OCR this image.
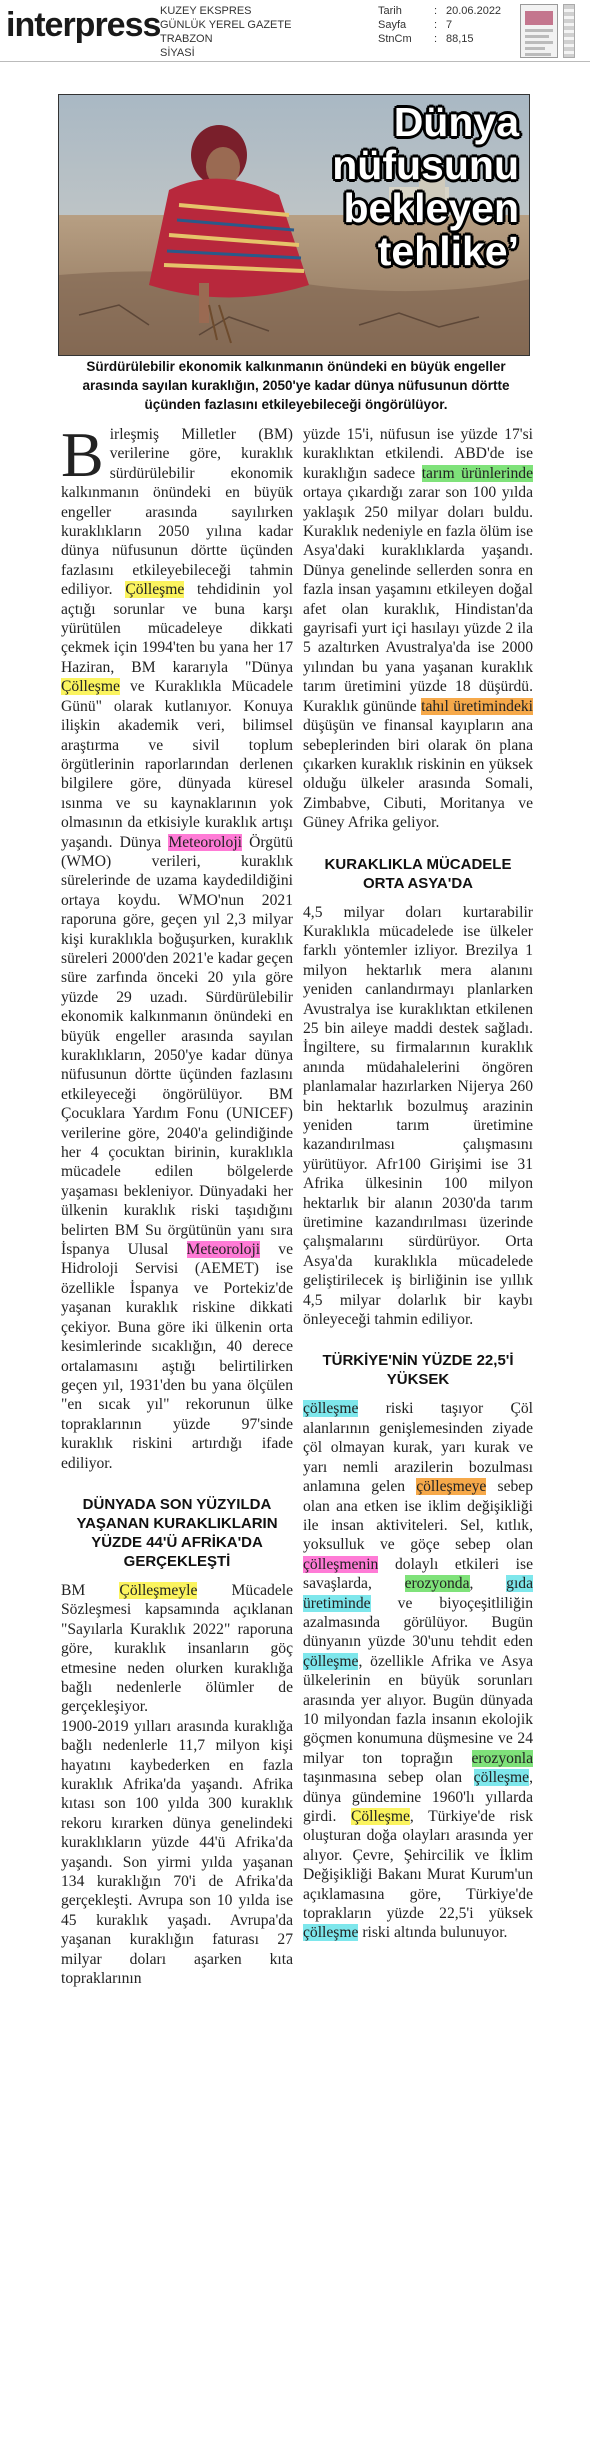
interpress KUZEY EKSPRES
GÜNLÜK YEREL GAZETE
TRABZON
SİYASİ
Tarih	: 20.06.2022
Sayfa	: 7
StnCm	: 88,15
Dünya
nüfusunu
bekleyen
tehlike’
Sürdürülebilir ekonomik kalkınmanın önündeki en büyük engeller arasında sayılan kuraklığın, 2050'ye kadar dünya nüfusunun dörtte üçünden fazlasını etkileyebileceği öngörülüyor.

Birleşmiş Milletler (BM) verilerine göre, kuraklık sürdürülebilir ekonomik kalkınmanın önündeki en büyük engeller arasında sayılırken kuraklıkların 2050 yılına kadar dünya nüfusunun dörtte üçünden fazlasını etkileyebileceği tahmin ediliyor. Çölleşme tehdidinin yol açtığı sorunlar ve buna karşı yürütülen mücadeleye dikkati çekmek için 1994'ten bu yana her 17 Haziran, BM kararıyla "Dünya Çölleşme ve Kuraklıkla Mücadele Günü" olarak kutlanıyor. Konuya ilişkin akademik veri, bilimsel araştırma ve sivil toplum örgütlerinin raporlarından derlenen bilgilere göre, dünyada küresel ısınma ve su kaynaklarının yok olmasının da etkisiyle kuraklık artışı yaşandı. Dünya Meteoroloji Örgütü (WMO) verileri, kuraklık sürelerinde de uzama kaydedildiğini ortaya koydu. WMO'nun 2021 raporuna göre, geçen yıl 2,3 milyar kişi kuraklıkla boğuşurken, kuraklık süreleri 2000'den 2021'e kadar geçen süre zarfında önceki 20 yıla göre yüzde 29 uzadı. Sürdürülebilir ekonomik kalkınmanın önündeki en büyük engeller arasında sayılan kuraklıkların, 2050'ye kadar dünya nüfusunun dörtte üçünden fazlasını etkileyeceği öngörülüyor. BM Çocuklara Yardım Fonu (UNICEF) verilerine göre, 2040'a gelindiğinde her 4 çocuktan birinin, kuraklıkla mücadele edilen bölgelerde yaşaması bekleniyor. Dünyadaki her ülkenin kuraklık riski taşıdığını belirten BM Su örgütünün yanı sıra İspanya Ulusal Meteoroloji ve Hidroloji Servisi (AEMET) ise özellikle İspanya ve Portekiz'de yaşanan kuraklık riskine dikkati çekiyor. Buna göre iki ülkenin orta kesimlerinde sıcaklığın, 40 derece ortalamasını aştığı belirtilirken geçen yıl, 1931'den bu yana ölçülen "en sıcak yıl" rekorunun ülke topraklarının yüzde 97'sinde kuraklık riskini artırdığı ifade ediliyor.

DÜNYADA SON YÜZYILDA YAŞANAN KURAKLIKLARIN YÜZDE 44'Ü AFRİKA'DA GERÇEKLEŞTİ

BM Çölleşmeyle Mücadele Sözleşmesi kapsamında açıklanan "Sayılarla Kuraklık 2022" raporuna göre, kuraklık insanların göç etmesine neden olurken kuraklığa bağlı nedenlerle ölümler de gerçekleşiyor.

1900-2019 yılları arasında kuraklığa bağlı nedenlerle 11,7 milyon kişi hayatını kaybederken en fazla kuraklık Afrika'da yaşandı. Afrika kıtası son 100 yılda 300 kuraklık rekoru kırarken dünya genelindeki kuraklıkların yüzde 44'ü Afrika'da yaşandı. Son yirmi yılda yaşanan 134 kuraklığın 70'i de Afrika'da gerçekleşti. Avrupa son 10 yılda ise 45 kuraklık yaşadı. Avrupa'da yaşanan kuraklığın faturası 27 milyar doları aşarken kıta topraklarının

yüzde 15'i, nüfusun ise yüzde 17'si kuraklıktan etkilendi. ABD'de ise kuraklığın sadece tarım ürünlerinde ortaya çıkardığı zarar son 100 yılda yaklaşık 250 milyar doları buldu. Kuraklık nedeniyle en fazla ölüm ise Asya'daki kuraklıklarda yaşandı. Dünya genelinde sellerden sonra en fazla insan yaşamını etkileyen doğal afet olan kuraklık, Hindistan'da gayrisafi yurt içi hasılayı yüzde 2 ila 5 azaltırken Avustralya'da ise 2000 yılından bu yana yaşanan kuraklık tarım üretimini yüzde 18 düşürdü. Kuraklık gününde tahıl üretimindeki düşüşün ve finansal kayıpların ana sebeplerinden biri olarak ön plana çıkarken kuraklık riskinin en yüksek olduğu ülkeler arasında Somali, Zimbabve, Cibuti, Moritanya ve Güney Afrika geliyor.

KURAKLIKLA MÜCADELE ORTA ASYA'DA

4,5 milyar doları kurtarabilir Kuraklıkla mücadelede ise ülkeler farklı yöntemler izliyor. Brezilya 1 milyon hektarlık mera alanını yeniden canlandırmayı planlarken Avustralya ise kuraklıktan etkilenen 25 bin aileye maddi destek sağladı. İngiltere, su firmalarının kuraklık anında müdahalelerini öngören planlamalar hazırlarken Nijerya 260 bin hektarlık bozulmuş arazinin yeniden tarım üretimine kazandırılması çalışmasını yürütüyor. Afr100 Girişimi ise 31 Afrika ülkesinin 100 milyon hektarlık bir alanın 2030'da tarım üretimine kazandırılması üzerinde çalışmalarını sürdürüyor. Orta Asya'da kuraklıkla mücadelede geliştirilecek iş birliğinin ise yıllık 4,5 milyar dolarlık bir kaybı önleyeceği tahmin ediliyor.

TÜRKİYE'NİN YÜZDE 22,5'İ YÜKSEK

çölleşme riski taşıyor Çöl alanlarının genişlemesinden ziyade çöl olmayan kurak, yarı kurak ve yarı nemli arazilerin bozulması anlamına gelen çölleşmeye sebep olan ana etken ise iklim değişikliği ile insan aktiviteleri. Sel, kıtlık, yoksulluk ve göçe sebep olan çölleşmenin dolaylı etkileri ise savaşlarda, erozyonda, gıda üretiminde ve biyoçeşitliliğin azalmasında görülüyor. Bugün dünyanın yüzde 30'unu tehdit eden çölleşme, özellikle Afrika ve Asya ülkelerinin en büyük sorunları arasında yer alıyor. Bugün dünyada 10 milyondan fazla insanın ekolojik göçmen konumuna düşmesine ve 24 milyar ton toprağın erozyonla taşınmasına sebep olan çölleşme, dünya gündemine 1960'lı yıllarda girdi. Çölleşme, Türkiye'de risk oluşturan doğa olayları arasında yer alıyor. Çevre, Şehircilik ve İklim Değişikliği Bakanı Murat Kurum'un açıklamasına göre, Türkiye'de toprakların yüzde 22,5'i yüksek çölleşme riski altında bulunuyor.
